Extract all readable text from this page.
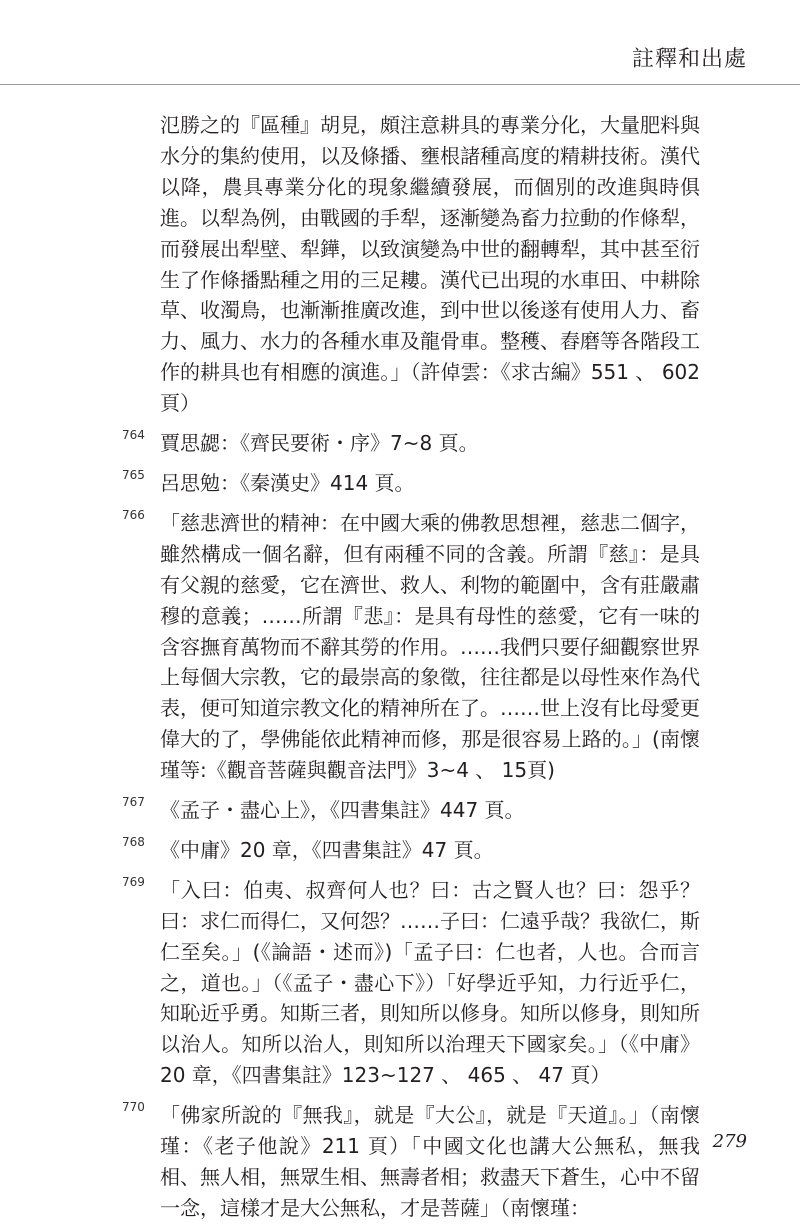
註釋和出處

氾勝之的『區種』胡見，頗注意耕具的專業分化，大量肥料與水分的集約使用，以及條播、壅根諸種高度的精耕技術。漢代以降，農具專業分化的現象繼續發展，而個別的改進與時俱進。以犁為例，由戰國的手犁，逐漸變為畜力拉動的作條犁，而發展出犁壁、犁鏵，以致演變為中世的翻轉犁，其中甚至衍生了作條播點種之用的三足耬。漢代已出現的水車田、中耕除草、收濁鳥，也漸漸推廣改進，到中世以後遂有使用人力、畜力、風力、水力的各種水車及龍骨車。整穫、舂磨等各階段工作的耕具也有相應的演進。」（許倬雲：《求古編》551 、 602 頁）

764 賈思勰：《齊民要術・序》7~8 頁。
765 呂思勉：《秦漢史》414 頁。
766 「慈悲濟世的精神：在中國大乘的佛教思想裡，慈悲二個字，雖然構成一個名辭，但有兩種不同的含義。所謂『慈』：是具有父親的慈愛，它在濟世、救人、利物的範圍中，含有莊嚴肅穆的意義；……所謂『悲』：是具有母性的慈愛，它有一味的含容撫育萬物而不辭其勞的作用。……我們只要仔細觀察世界上每個大宗教，它的最崇高的象徵，往往都是以母性來作為代表，便可知道宗教文化的精神所在了。……世上沒有比母愛更偉大的了，學佛能依此精神而修，那是很容易上路的。」(南懷瑾等:《觀音菩薩與觀音法門》3~4 、 15頁)
767 《孟子・盡心上》，《四書集註》447 頁。
768 《中庸》20 章，《四書集註》47 頁。
769 「入曰：伯夷、叔齊何人也？曰：古之賢人也？曰：怨乎？曰：求仁而得仁，又何怨？……子曰：仁遠乎哉？我欲仁，斯仁至矣。」(《論語・述而》)「孟子曰：仁也者，人也。合而言之，道也。」（《孟子・盡心下》）「好學近乎知，力行近乎仁，知恥近乎勇。知斯三者，則知所以修身。知所以修身，則知所以治人。知所以治人，則知所以治理天下國家矣。」（《中庸》20 章，《四書集註》123~127 、 465 、 47 頁）
770 「佛家所說的『無我』，就是『大公』，就是『天道』。」（南懷瑾：《老子他說》211 頁）「中國文化也講大公無私，無我相、無人相，無眾生相、無壽者相；救盡天下蒼生，心中不留一念，這樣才是大公無私，才是菩薩」（南懷瑾：
279
